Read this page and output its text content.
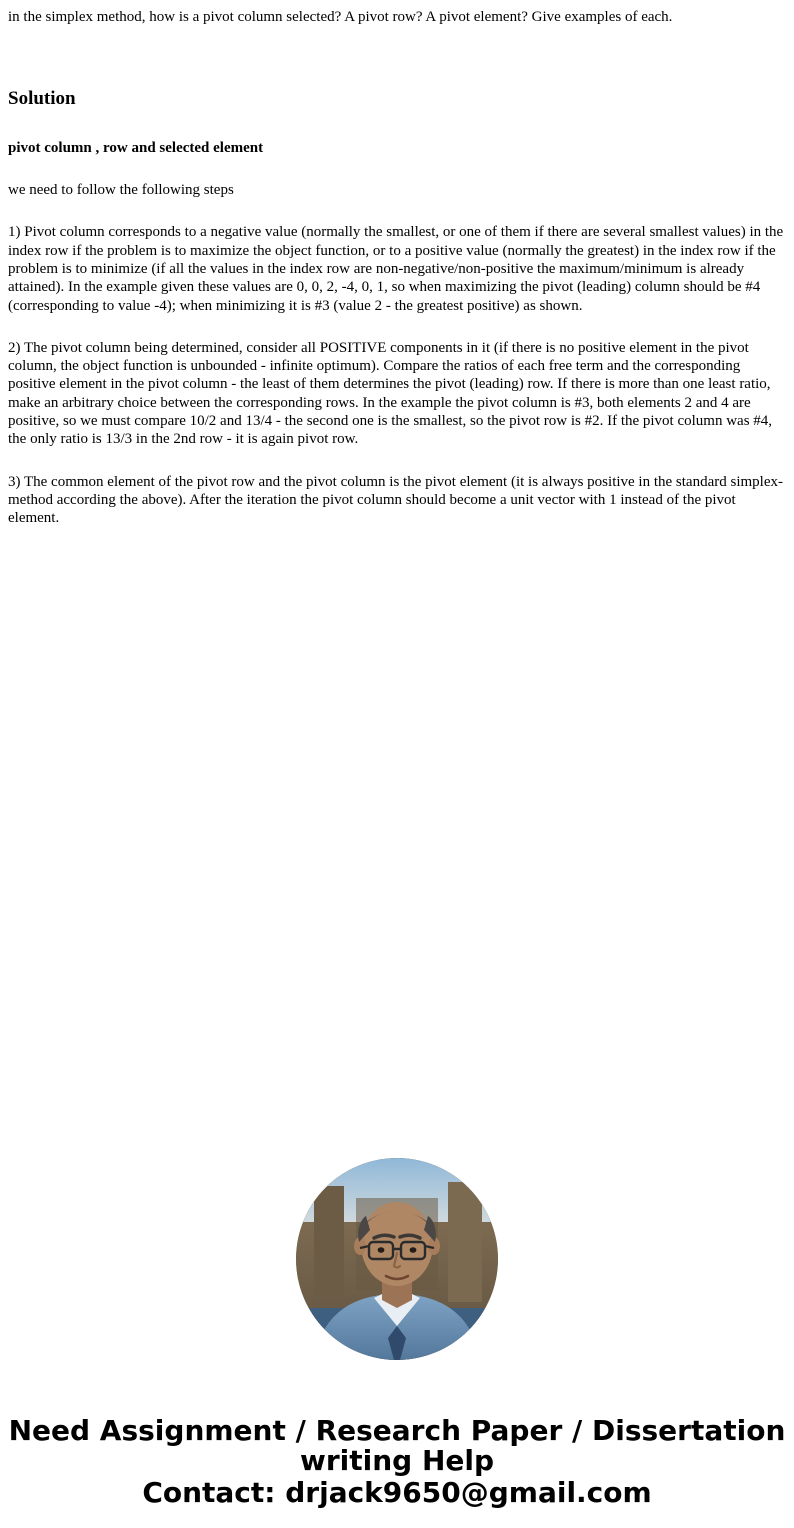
in the simplex method, how is a pivot column selected? A pivot row? A pivot element? Give examples of each.

Solution

pivot column , row and selected element

we need to follow the following steps

1) Pivot column corresponds to a negative value (normally the smallest, or one of them if there are several smallest values) in the index row if the problem is to maximize the object function, or to a positive value (normally the greatest) in the index row if the problem is to minimize (if all the values in the index row are non-negative/non-positive the maximum/minimum is already attained). In the example given these values are 0, 0, 2, -4, 0, 1, so when maximizing the pivot (leading) column should be #4 (corresponding to value -4); when minimizing it is #3 (value 2 - the greatest positive) as shown.

2) The pivot column being determined, consider all POSITIVE components in it (if there is no positive element in the pivot column, the object function is unbounded - infinite optimum). Compare the ratios of each free term and the corresponding positive element in the pivot column - the least of them determines the pivot (leading) row. If there is more than one least ratio, make an arbitrary choice between the corresponding rows. In the example the pivot column is #3, both elements 2 and 4 are positive, so we must compare 10/2 and 13/4 - the second one is the smallest, so the pivot row is #2. If the pivot column was #4, the only ratio is 13/3 in the 2nd row - it is again pivot row.

3) The common element of the pivot row and the pivot column is the pivot element (it is always positive in the standard simplex-method according the above). After the iteration the pivot column should become a unit vector with 1 instead of the pivot element.

Need Assignment / Research Paper / Dissertation
writing Help
Contact: drjack9650@gmail.com
